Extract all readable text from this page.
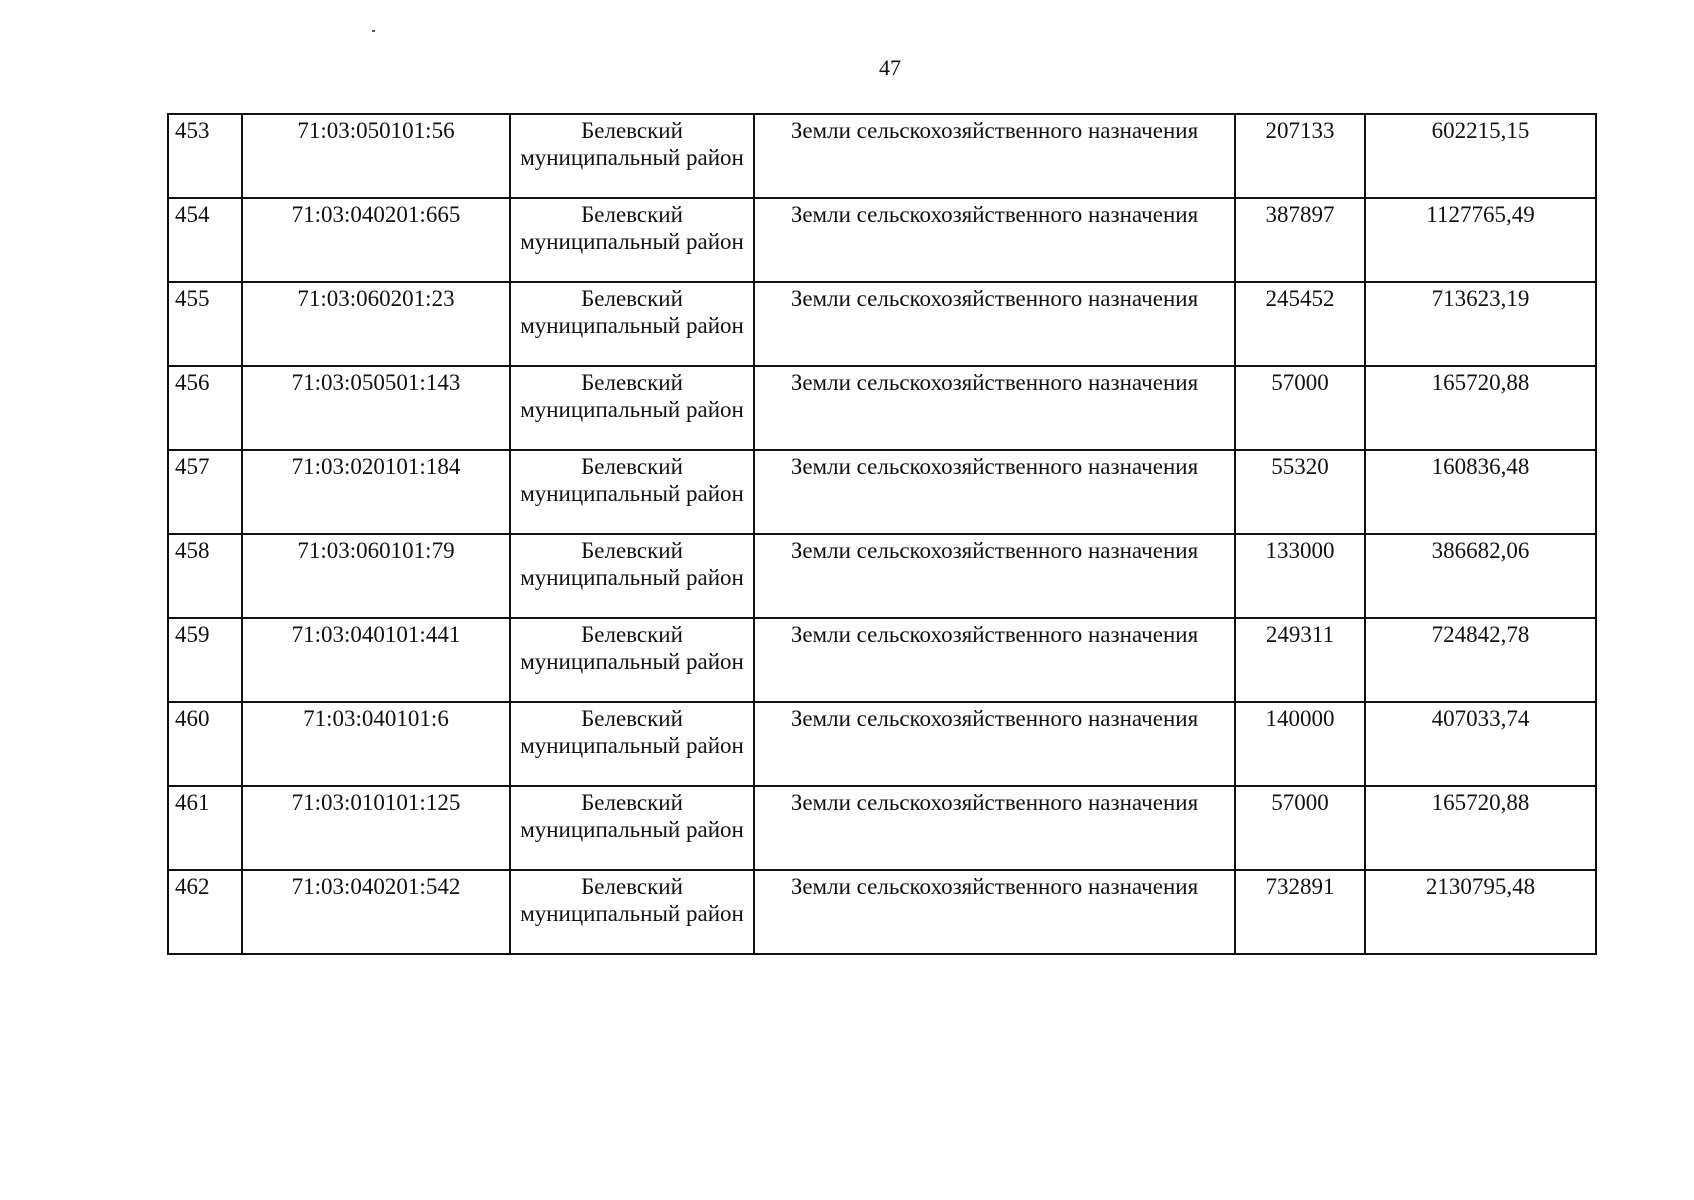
47
453	71:03:050101:56	Белевский муниципальный район	Земли сельскохозяйственного назначения	207133	602215,15
454	71:03:040201:665	Белевский муниципальный район	Земли сельскохозяйственного назначения	387897	1127765,49
455	71:03:060201:23	Белевский муниципальный район	Земли сельскохозяйственного назначения	245452	713623,19
456	71:03:050501:143	Белевский муниципальный район	Земли сельскохозяйственного назначения	57000	165720,88
457	71:03:020101:184	Белевский муниципальный район	Земли сельскохозяйственного назначения	55320	160836,48
458	71:03:060101:79	Белевский муниципальный район	Земли сельскохозяйственного назначения	133000	386682,06
459	71:03:040101:441	Белевский муниципальный район	Земли сельскохозяйственного назначения	249311	724842,78
460	71:03:040101:6	Белевский муниципальный район	Земли сельскохозяйственного назначения	140000	407033,74
461	71:03:010101:125	Белевский муниципальный район	Земли сельскохозяйственного назначения	57000	165720,88
462	71:03:040201:542	Белевский муниципальный район	Земли сельскохозяйственного назначения	732891	2130795,48
